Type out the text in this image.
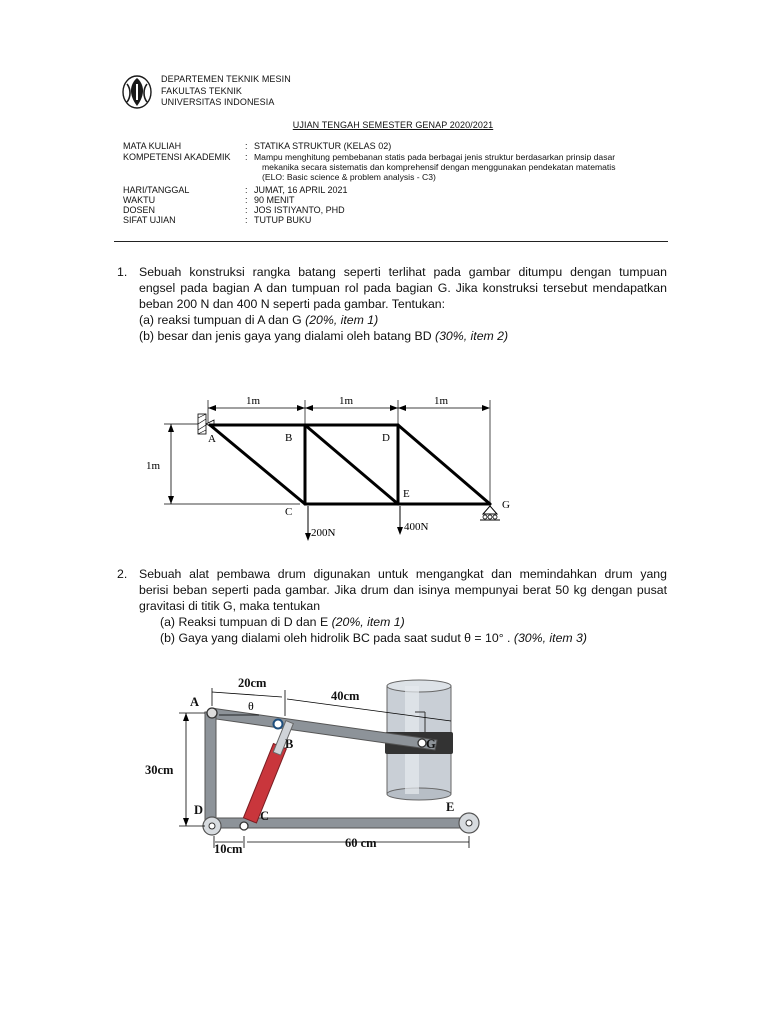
DEPARTEMEN TEKNIK MESIN
FAKULTAS TEKNIK
UNIVERSITAS INDONESIA
UJIAN TENGAH SEMESTER GENAP 2020/2021
MATA KULIAH	: STATIKA STRUKTUR (KELAS 02)
KOMPETENSI AKADEMIK	: Mampu menghitung pembebanan statis pada berbagai jenis struktur berdasarkan prinsip dasar
mekanika secara sistematis dan komprehensif dengan menggunakan pendekatan matematis
(ELO: Basic science & problem analysis - C3)
HARI/TANGGAL	: JUMAT, 16 APRIL 2021
WAKTU	: 90 MENIT
DOSEN	: JOS ISTIYANTO, PHD
SIFAT UJIAN	: TUTUP BUKU
1. Sebuah konstruksi rangka batang seperti terlihat pada gambar ditumpu dengan tumpuan
engsel pada bagian A dan tumpuan rol pada bagian G. Jika konstruksi tersebut mendapatkan
beban 200 N dan 400 N seperti pada gambar. Tentukan:
(a) reaksi tumpuan di A dan G (20%, item 1)
(b) besar dan jenis gaya yang dialami oleh batang BD (30%, item 2)
1m	1m	1m
1m
A	B
C
D
E
G
200N	400N
2. Sebuah alat pembawa drum digunakan untuk mengangkat dan memindahkan drum yang
berisi beban seperti pada gambar. Jika drum dan isinya mempunyai berat 50 kg dengan pusat
gravitasi di titik G, maka tentukan
(a) Reaksi tumpuan di D dan E (20%, item 1)
(b) Gaya yang dialami oleh hidrolik BC pada saat sudut θ = 10° . (30%, item 3)
20cm
40cm
30cm
10cm	60 cm
A
B
C
D	E
G
θ
